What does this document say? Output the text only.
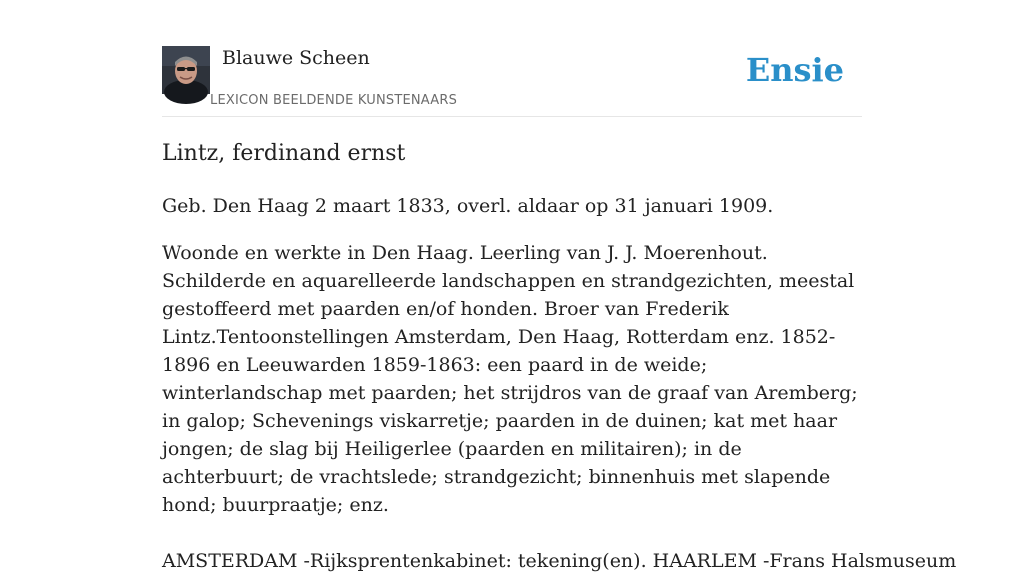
Blauwe Scheen
LEXICON BEELDENDE KUNSTENAARS
Ensie
Lintz, ferdinand ernst

Geb. Den Haag 2 maart 1833, overl. aldaar op 31 januari 1909.

Woonde en werkte in Den Haag. Leerling van J. J. Moerenhout. Schilderde en aquarelleerde landschappen en strandgezichten, meestal gestoffeerd met paarden en/of honden. Broer van Frederik Lintz.Tentoonstellingen Amsterdam, Den Haag, Rotterdam enz. 1852-1896 en Leeuwarden 1859-1863: een paard in de weide; winterlandschap met paarden; het strijdros van de graaf van Aremberg; in galop; Schevenings viskarretje; paarden in de duinen; kat met haar jongen; de slag bij Heiligerlee (paarden en militairen); in de achterbuurt; de vrachtslede; strandgezicht; binnenhuis met slapende hond; buurpraatje; enz.

AMSTERDAM -Rijksprentenkabinet: tekening(en). HAARLEM -Frans Halsmuseum
